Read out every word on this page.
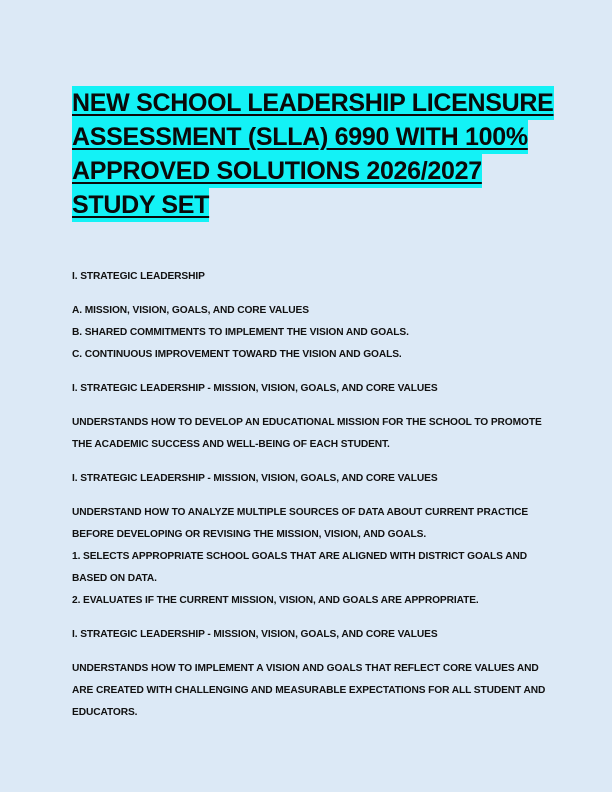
NEW SCHOOL LEADERSHIP LICENSURE
ASSESSMENT (SLLA) 6990 WITH 100%
APPROVED SOLUTIONS 2026/2027
STUDY SET

I. STRATEGIC LEADERSHIP

A. MISSION, VISION, GOALS, AND CORE VALUES

B. SHARED COMMITMENTS TO IMPLEMENT THE VISION AND GOALS.

C. CONTINUOUS IMPROVEMENT TOWARD THE VISION AND GOALS.

I. STRATEGIC LEADERSHIP - MISSION, VISION, GOALS, AND CORE VALUES

UNDERSTANDS HOW TO DEVELOP AN EDUCATIONAL MISSION FOR THE SCHOOL TO PROMOTE

THE ACADEMIC SUCCESS AND WELL-BEING OF EACH STUDENT.

I. STRATEGIC LEADERSHIP - MISSION, VISION, GOALS, AND CORE VALUES

UNDERSTAND HOW TO ANALYZE MULTIPLE SOURCES OF DATA ABOUT CURRENT PRACTICE

BEFORE DEVELOPING OR REVISING THE MISSION, VISION, AND GOALS.

1. SELECTS APPROPRIATE SCHOOL GOALS THAT ARE ALIGNED WITH DISTRICT GOALS AND

BASED ON DATA.

2. EVALUATES IF THE CURRENT MISSION, VISION, AND GOALS ARE APPROPRIATE.

I. STRATEGIC LEADERSHIP - MISSION, VISION, GOALS, AND CORE VALUES

UNDERSTANDS HOW TO IMPLEMENT A VISION AND GOALS THAT REFLECT CORE VALUES AND

ARE CREATED WITH CHALLENGING AND MEASURABLE EXPECTATIONS FOR ALL STUDENT AND

EDUCATORS.
